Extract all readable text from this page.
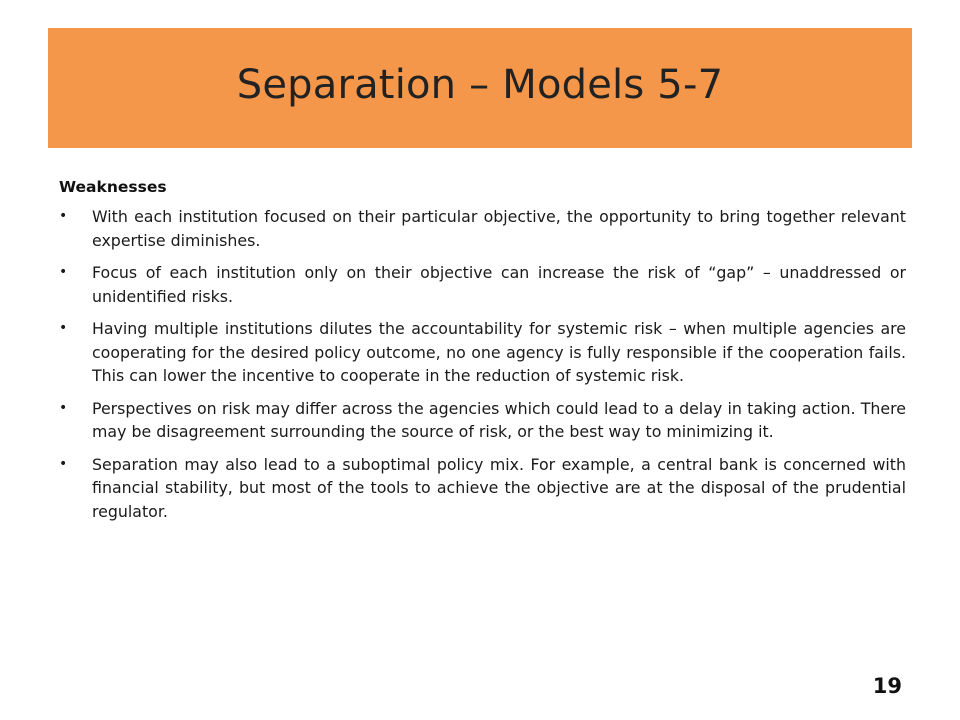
Separation – Models 5-7
Weaknesses
• With each institution focused on their particular objective, the opportunity to bring together relevant expertise diminishes.
• Focus of each institution only on their objective can increase the risk of “gap” – unaddressed or unidentified risks.
• Having multiple institutions dilutes the accountability for systemic risk – when multiple agencies are cooperating for the desired policy outcome, no one agency is fully responsible if the cooperation fails. This can lower the incentive to cooperate in the reduction of systemic risk.
• Perspectives on risk may differ across the agencies which could lead to a delay in taking action. There may be disagreement surrounding the source of risk, or the best way to minimizing it.
• Separation may also lead to a suboptimal policy mix. For example, a central bank is concerned with financial stability, but most of the tools to achieve the objective are at the disposal of the prudential regulator.
19
